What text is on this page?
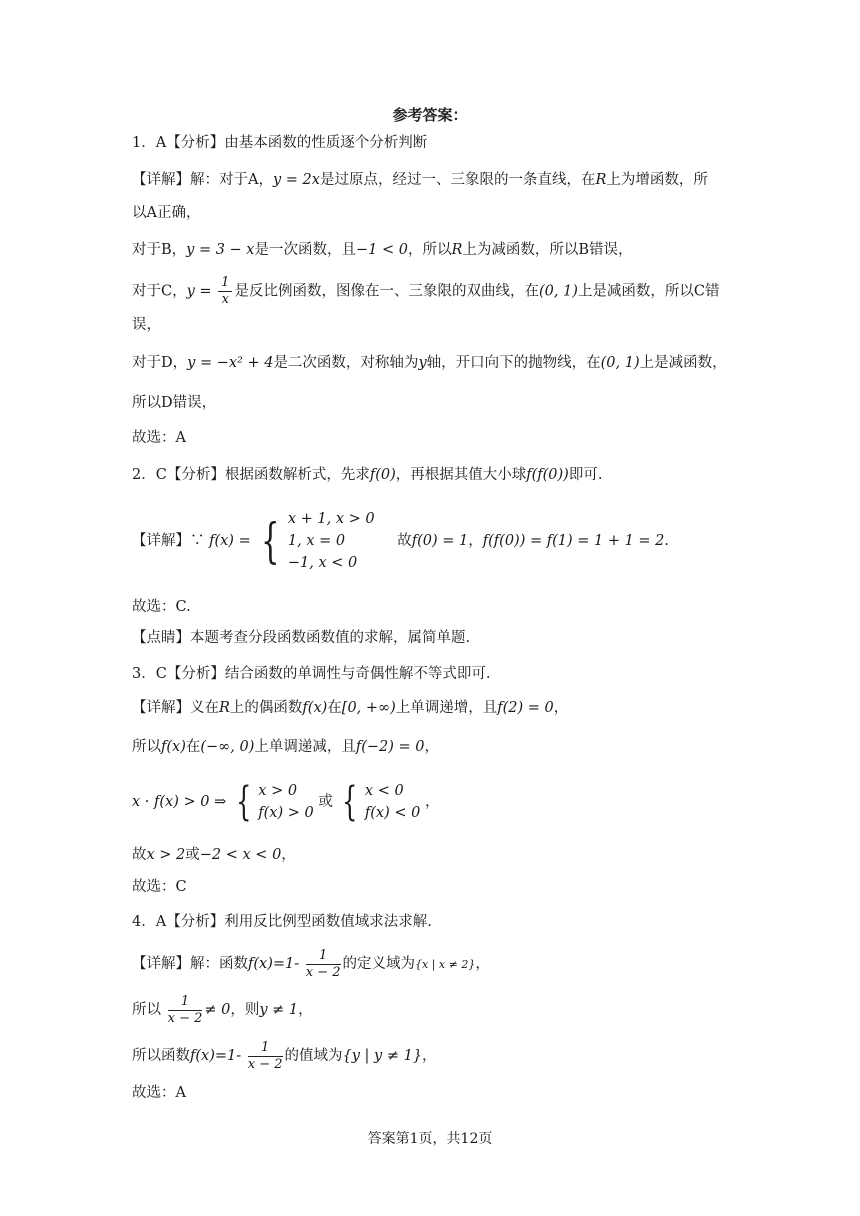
参考答案：
1．A【分析】由基本函数的性质逐个分析判断
【详解】解：对于A，y = 2x是过原点，经过一、三象限的一条直线，在R上为增函数，所
以A正确，
对于B，y = 3 − x是一次函数，且−1 < 0，所以R上为减函数，所以B错误，
对于C，$y = \frac{1}{x}$ 是反比例函数，图像在一、三象限的双曲线，在(0, 1)上是减函数，所以C错
误，
对于D，y = −x² + 4是二次函数，对称轴为y轴，开口向下的抛物线，在(0, 1)上是减函数，
所以D错误，
故选：A
2．C【分析】根据函数解析式，先求f(0)，再根据其值大小球f(f(0))即可.
【详解】∵ f(x) = { x + 1, x > 0
1, x = 0
−1, x < 0
故f(0) = 1，f(f(0)) = f(1) = 1 + 1 = 2.
故选：C.
【点睛】本题考查分段函数函数值的求解，属简单题.
3．C【分析】结合函数的单调性与奇偶性解不等式即可.
【详解】义在R上的偶函数f(x)在[0, +∞)上单调递增，且f(2) = 0，
所以f(x)在(−∞, 0)上单调递减，且f(−2) = 0，
x · f(x) > 0 ⇒ { x > 0
f(x) > 0
或 { x < 0
f(x) < 0
，
故x > 2或−2 < x < 0，
故选：C
4．A【分析】利用反比例型函数值域求法求解.
【详解】解：函数$f(x)=1- \frac{1}{x - 2}$ 的定义域为{x | x ≠ 2}，
所以 $\frac{1}{x - 2} \ne 0$，则y ≠ 1，
所以函数$f(x)=1- \frac{1}{x - 2}$ 的值域为{y | y ≠ 1}，
故选：A
答案第1页，共12页
